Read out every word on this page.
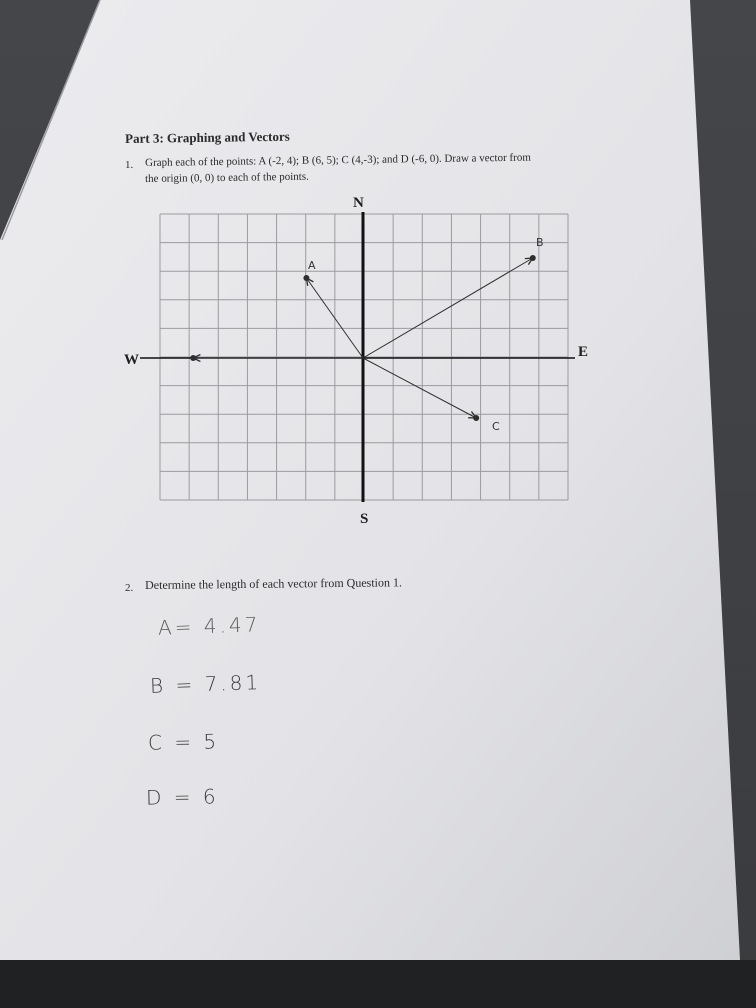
Part 3: Graphing and Vectors
1. Graph each of the points: A (-2, 4); B (6, 5); C (4,-3); and D (-6, 0). Draw a vector from
the origin (0, 0) to each of the points.
N
S
W	E
A
B
C
2. Determine the length of each vector from Question 1.
A= 4.47
B = 7.81
C = 5
D = 6
